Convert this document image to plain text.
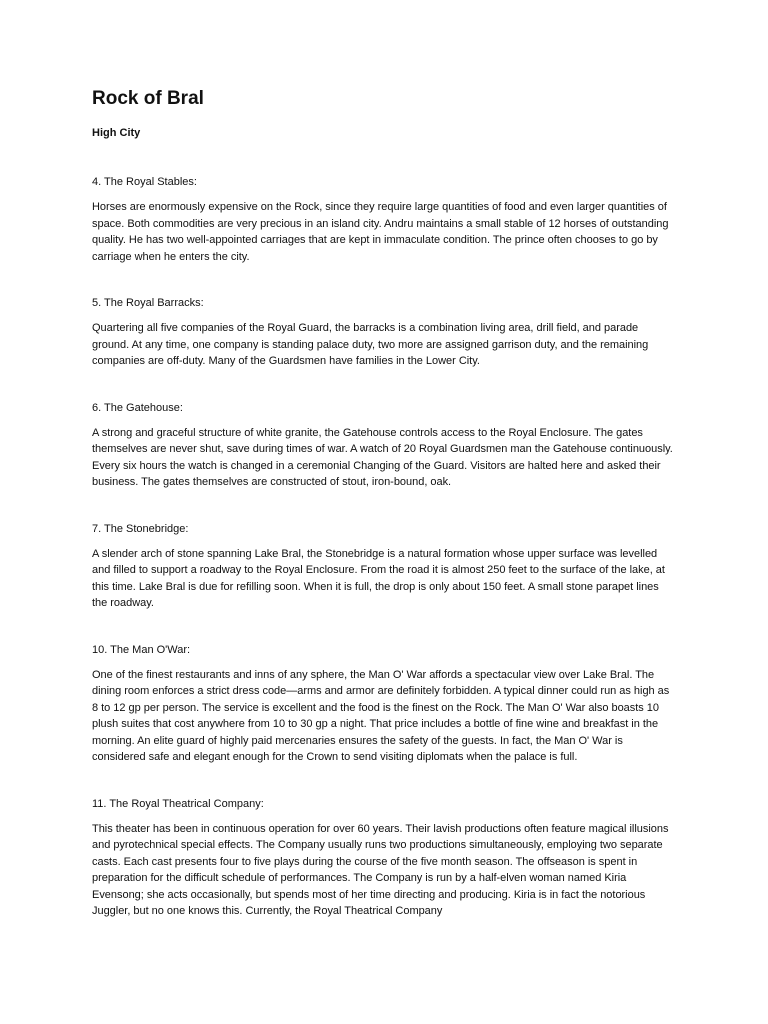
Rock of Bral

High City

4. The Royal Stables:

Horses are enormously expensive on the Rock, since they require large quantities of food and even larger quantities of space. Both commodities are very precious in an island city. Andru maintains a small stable of 12 horses of outstanding quality. He has two well-appointed carriages that are kept in immaculate condition. The prince often chooses to go by carriage when he enters the city.

5. The Royal Barracks:

Quartering all five companies of the Royal Guard, the barracks is a combination living area, drill field, and parade ground. At any time, one company is standing palace duty, two more are assigned garrison duty, and the remaining companies are off-duty. Many of the Guardsmen have families in the Lower City.

6. The Gatehouse:

A strong and graceful structure of white granite, the Gatehouse controls access to the Royal Enclosure. The gates themselves are never shut, save during times of war. A watch of 20 Royal Guardsmen man the Gatehouse continuously. Every six hours the watch is changed in a ceremonial Changing of the Guard. Visitors are halted here and asked their business. The gates themselves are constructed of stout, iron-bound, oak.

7. The Stonebridge:

A slender arch of stone spanning Lake Bral, the Stonebridge is a natural formation whose upper surface was levelled and filled to support a roadway to the Royal Enclosure. From the road it is almost 250 feet to the surface of the lake, at this time. Lake Bral is due for refilling soon. When it is full, the drop is only about 150 feet. A small stone parapet lines the roadway.

10. The Man O'War:

One of the finest restaurants and inns of any sphere, the Man O' War affords a spectacular view over Lake Bral. The dining room enforces a strict dress code—arms and armor are definitely forbidden. A typical dinner could run as high as 8 to 12 gp per person. The service is excellent and the food is the finest on the Rock. The Man O' War also boasts 10 plush suites that cost anywhere from 10 to 30 gp a night. That price includes a bottle of fine wine and breakfast in the morning. An elite guard of highly paid mercenaries ensures the safety of the guests. In fact, the Man O' War is considered safe and elegant enough for the Crown to send visiting diplomats when the palace is full.

11. The Royal Theatrical Company:

This theater has been in continuous operation for over 60 years. Their lavish productions often feature magical illusions and pyrotechnical special effects. The Company usually runs two productions simultaneously, employing two separate casts. Each cast presents four to five plays during the course of the five month season. The offseason is spent in preparation for the difficult schedule of performances. The Company is run by a half-elven woman named Kiria Evensong; she acts occasionally, but spends most of her time directing and producing. Kiria is in fact the notorious Juggler, but no one knows this. Currently, the Royal Theatrical Company
